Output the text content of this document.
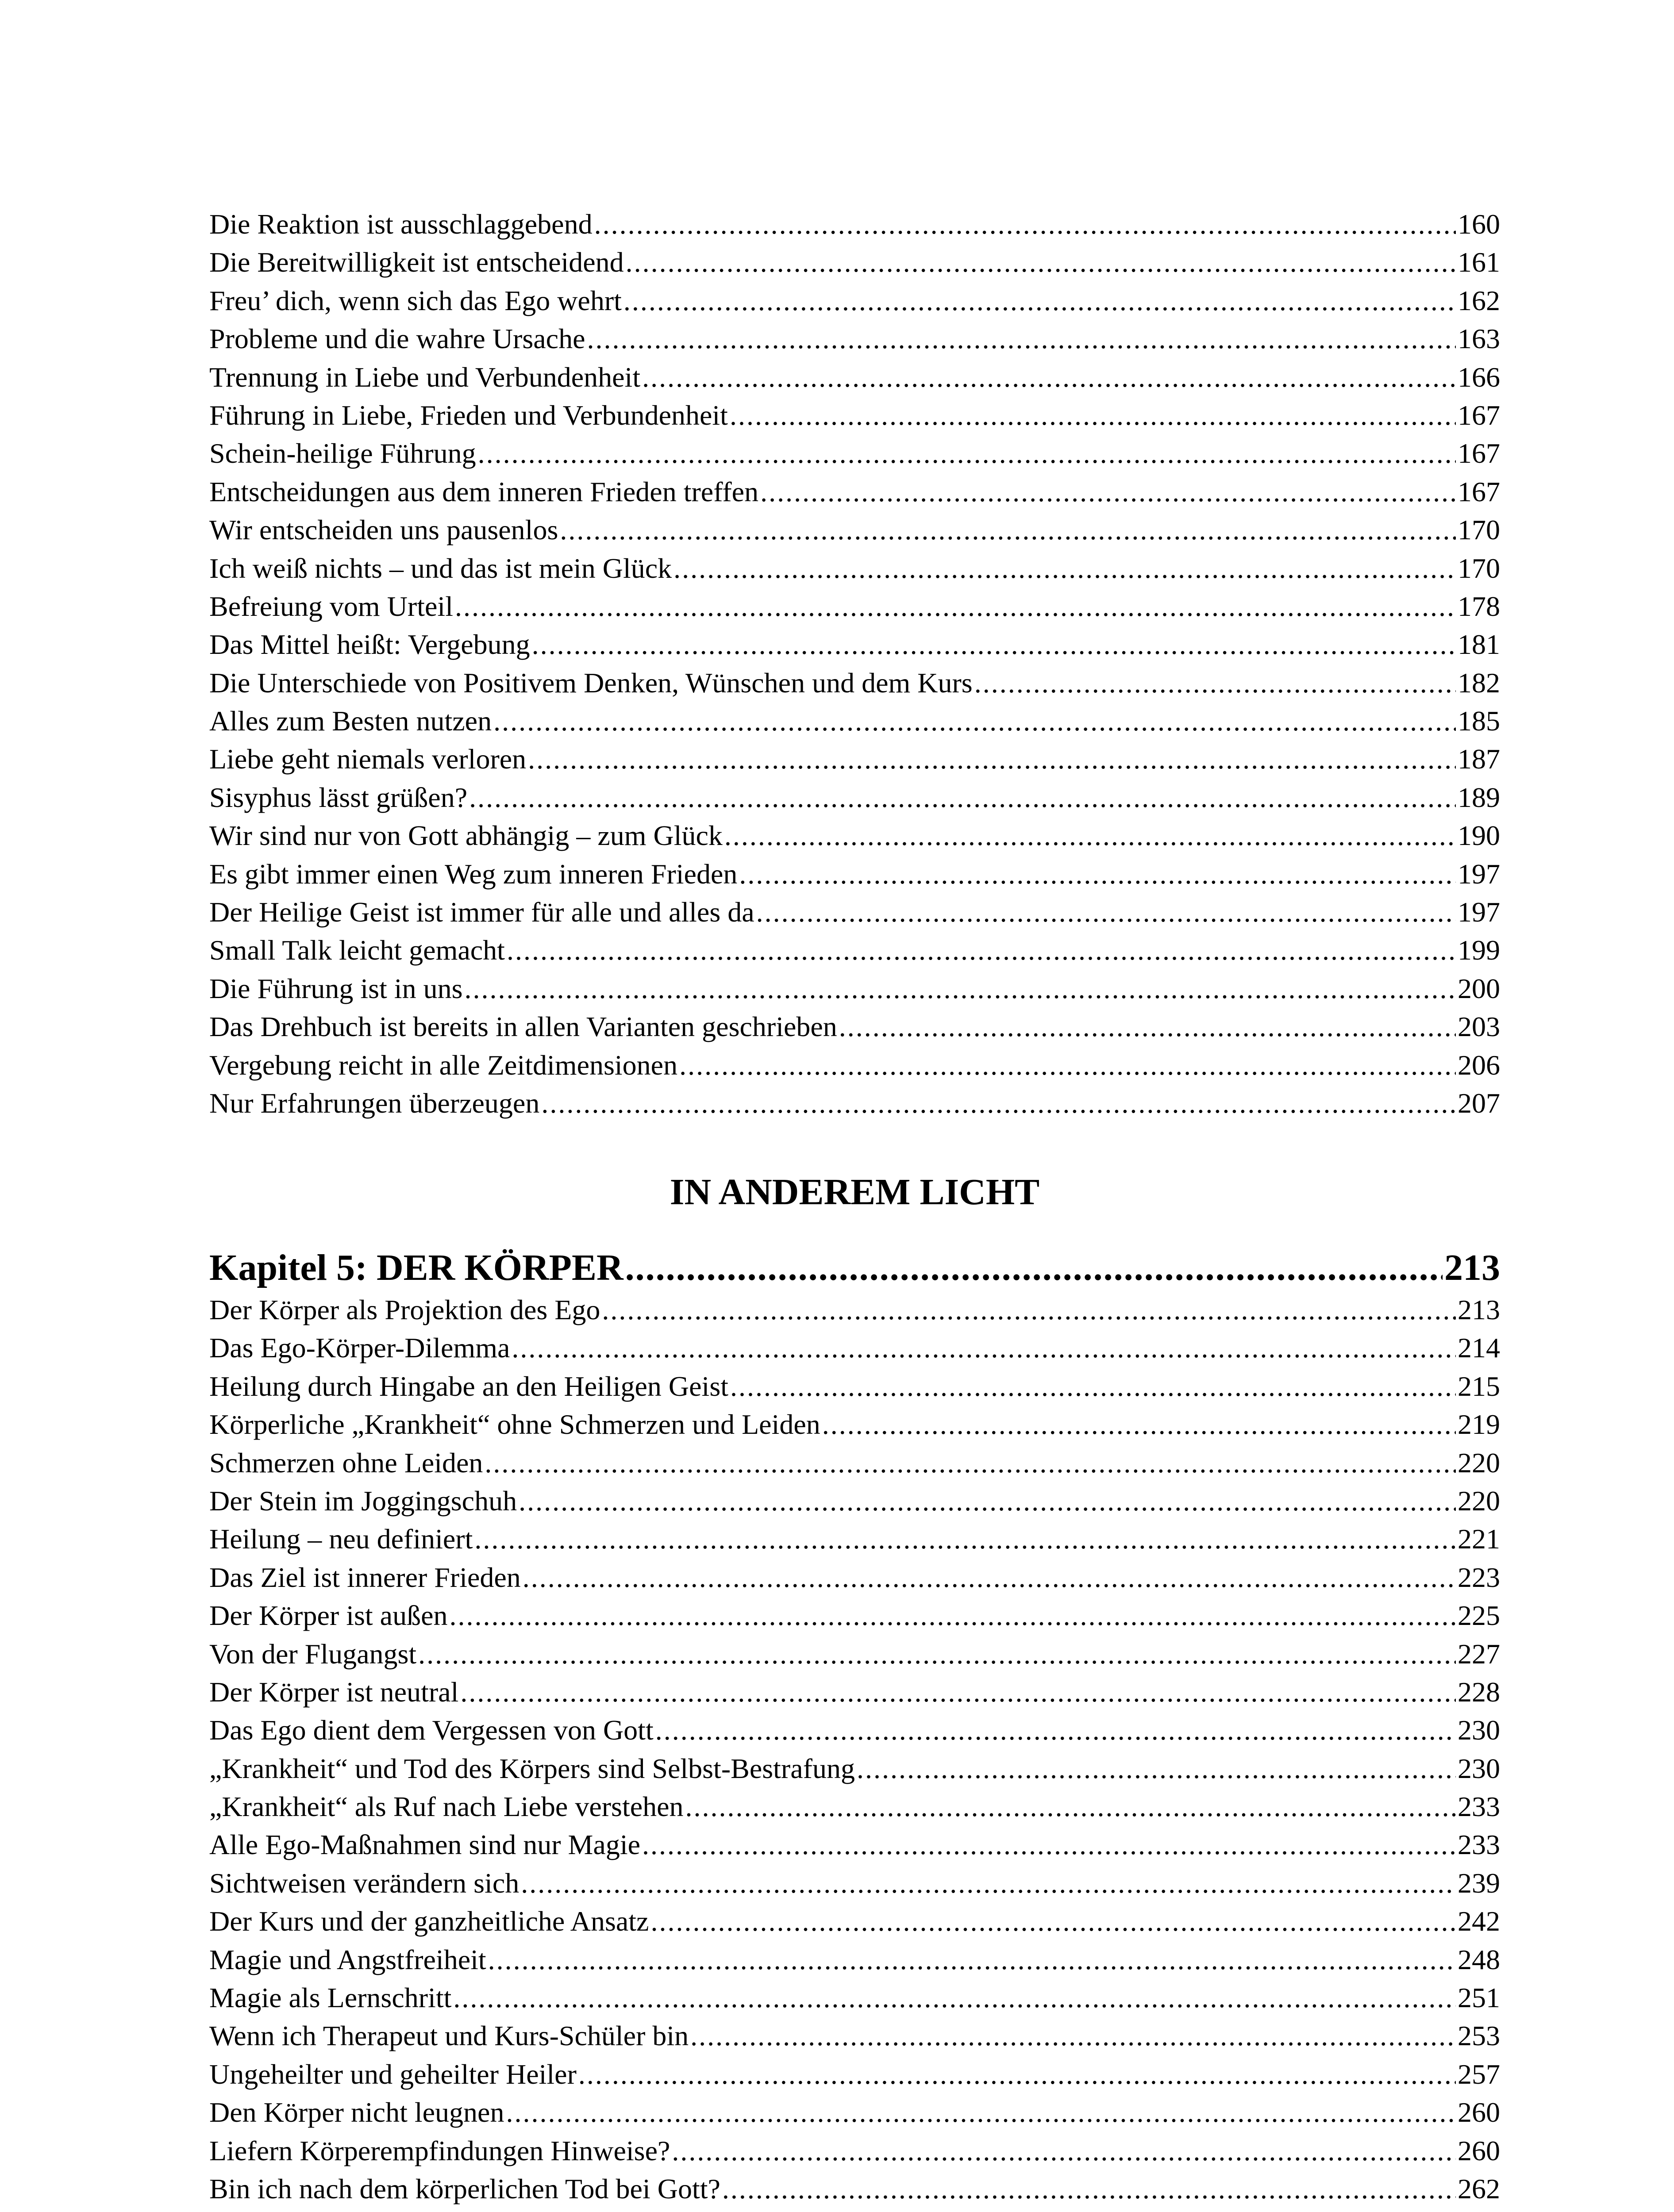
Die Reaktion ist ausschlaggebend .....	160
Die Bereitwilligkeit ist entscheidend .....	161
Freu’ dich, wenn sich das Ego wehrt .....	162
Probleme und die wahre Ursache .....	163
Trennung in Liebe und Verbundenheit .....	166
Führung in Liebe, Frieden und Verbundenheit .....	167
Schein-heilige Führung .....	167
Entscheidungen aus dem inneren Frieden treffen .....	167
Wir entscheiden uns pausenlos .....	170
Ich weiß nichts – und das ist mein Glück .....	170
Befreiung vom Urteil .....	178
Das Mittel heißt: Vergebung .....	181
Die Unterschiede von Positivem Denken, Wünschen und dem Kurs .....	182
Alles zum Besten nutzen .....	185
Liebe geht niemals verloren .....	187
Sisyphus lässt grüßen? .....	189
Wir sind nur von Gott abhängig – zum Glück .....	190
Es gibt immer einen Weg zum inneren Frieden .....	197
Der Heilige Geist ist immer für alle und alles da .....	197
Small Talk leicht gemacht .....	199
Die Führung ist in uns .....	200
Das Drehbuch ist bereits in allen Varianten geschrieben .....	203
Vergebung reicht in alle Zeitdimensionen .....	206
Nur Erfahrungen überzeugen .....	207
IN ANDEREM LICHT
Kapitel 5: DER KÖRPER .....	213
Der Körper als Projektion des Ego .....	213
Das Ego-Körper-Dilemma .....	214
Heilung durch Hingabe an den Heiligen Geist .....	215
Körperliche „Krankheit“ ohne Schmerzen und Leiden .....	219
Schmerzen ohne Leiden .....	220
Der Stein im Joggingschuh .....	220
Heilung – neu definiert .....	221
Das Ziel ist innerer Frieden .....	223
Der Körper ist außen .....	225
Von der Flugangst .....	227
Der Körper ist neutral .....	228
Das Ego dient dem Vergessen von Gott .....	230
„Krankheit“ und Tod des Körpers sind Selbst-Bestrafung .....	230
„Krankheit“ als Ruf nach Liebe verstehen .....	233
Alle Ego-Maßnahmen sind nur Magie .....	233
Sichtweisen verändern sich .....	239
Der Kurs und der ganzheitliche Ansatz .....	242
Magie und Angstfreiheit .....	248
Magie als Lernschritt .....	251
Wenn ich Therapeut und Kurs-Schüler bin .....	253
Ungeheilter und geheilter Heiler .....	257
Den Körper nicht leugnen .....	260
Liefern Körperempfindungen Hinweise? .....	260
Bin ich nach dem körperlichen Tod bei Gott? .....	262
.....
